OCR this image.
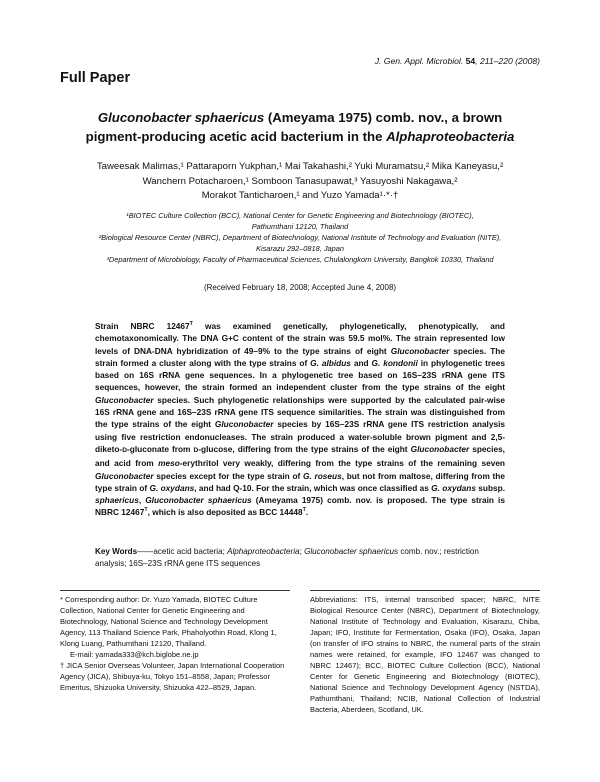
J. Gen. Appl. Microbiol. 54, 211–220 (2008)
Full Paper
Gluconobacter sphaericus (Ameyama 1975) comb. nov., a brown
pigment-producing acetic acid bacterium in the Alphaproteobacteria
Taweesak Malimas,¹ Pattaraporn Yukphan,¹ Mai Takahashi,² Yuki Muramatsu,² Mika Kaneyasu,²
Wanchern Potacharoen,¹ Somboon Tanasupawat,³ Yasuyoshi Nakagawa,²
Morakot Tanticharoen,¹ and Yuzo Yamada¹·*·†
¹BIOTEC Culture Collection (BCC), National Center for Genetic Engineering and Biotechnology (BIOTEC),
Pathumthani 12120, Thailand
²Biological Resource Center (NBRC), Department of Biotechnology, National Institute of Technology and Evaluation (NITE),
Kisarazu 292–0818, Japan
³Department of Microbiology, Faculty of Pharmaceutical Sciences, Chulalongkorn University, Bangkok 10330, Thailand
(Received February 18, 2008; Accepted June 4, 2008)
Strain NBRC $12467^T$ was examined genetically, phylogenetically, phenotypically, and chemotaxonomically. The DNA G+C content of the strain was 59.5 mol%. The strain represented low levels of DNA-DNA hybridization of 49–9% to the type strains of eight Gluconobacter species. The strain formed a cluster along with the type strains of G. albidus and G. kondonii in phylogenetic trees based on 16S rRNA gene sequences. In a phylogenetic tree based on 16S–23S rRNA gene ITS sequences, however, the strain formed an independent cluster from the type strains of the eight Gluconobacter species. Such phylogenetic relationships were supported by the calculated pair-wise 16S rRNA gene and 16S–23S rRNA gene ITS sequence similarities. The strain was distinguished from the type strains of the eight Gluconobacter species by 16S–23S rRNA gene ITS restriction analysis using five restriction endonucleases. The strain produced a water-soluble brown pigment and 2,5-diketo-D-gluconate from D-glucose, differing from the type strains of the eight Gluconobacter species, and acid from meso-erythritol very weakly, differing from the type strains of the remaining seven Gluconobacter species except for the type strain of G. roseus, but not from maltose, differing from the type strain of G. oxydans, and had Q-10. For the strain, which was once classified as G. oxydans subsp. sphaericus, Gluconobacter sphaericus (Ameyama 1975) comb. nov. is proposed. The type strain is NBRC $12467^T$, which is also deposited as BCC $14448^T$.
Key Words——acetic acid bacteria; Alphaproteobacteria; Gluconobacter sphaericus comb. nov.; restriction analysis; 16S–23S rRNA gene ITS sequences

* Corresponding author: Dr. Yuzo Yamada, BIOTEC Culture Collection, National Center for Genetic Engineering and Biotechnology, National Science and Technology Development Agency, 113 Thailand Science Park, Phaholyothin Road, Klong 1, Klong Luang, Pathumthani 12120, Thailand.

E-mail: yamada333@kch.biglobe.ne.jp

† JICA Senior Overseas Volunteer, Japan International Cooperation Agency (JICA), Shibuya-ku, Tokyo 151–8558, Japan; Professor Emeritus, Shizuoka University, Shizuoka 422–8529, Japan.

Abbreviations: ITS, internal transcribed spacer; NBRC, NITE Biological Resource Center (NBRC), Department of Biotechnology, National Institute of Technology and Evaluation, Kisarazu, Chiba, Japan; IFO, Institute for Fermentation, Osaka (IFO), Osaka, Japan (on transfer of IFO strains to NBRC, the numeral parts of the strain names were retained, for example, IFO 12467 was changed to NBRC 12467); BCC, BIOTEC Culture Collection (BCC), National Center for Genetic Engineering and Biotechnology (BIOTEC), National Science and Technology Development Agency (NSTDA), Pathumthani, Thailand; NCIB, National Collection of Industrial Bacteria, Aberdeen, Scotland, UK.
